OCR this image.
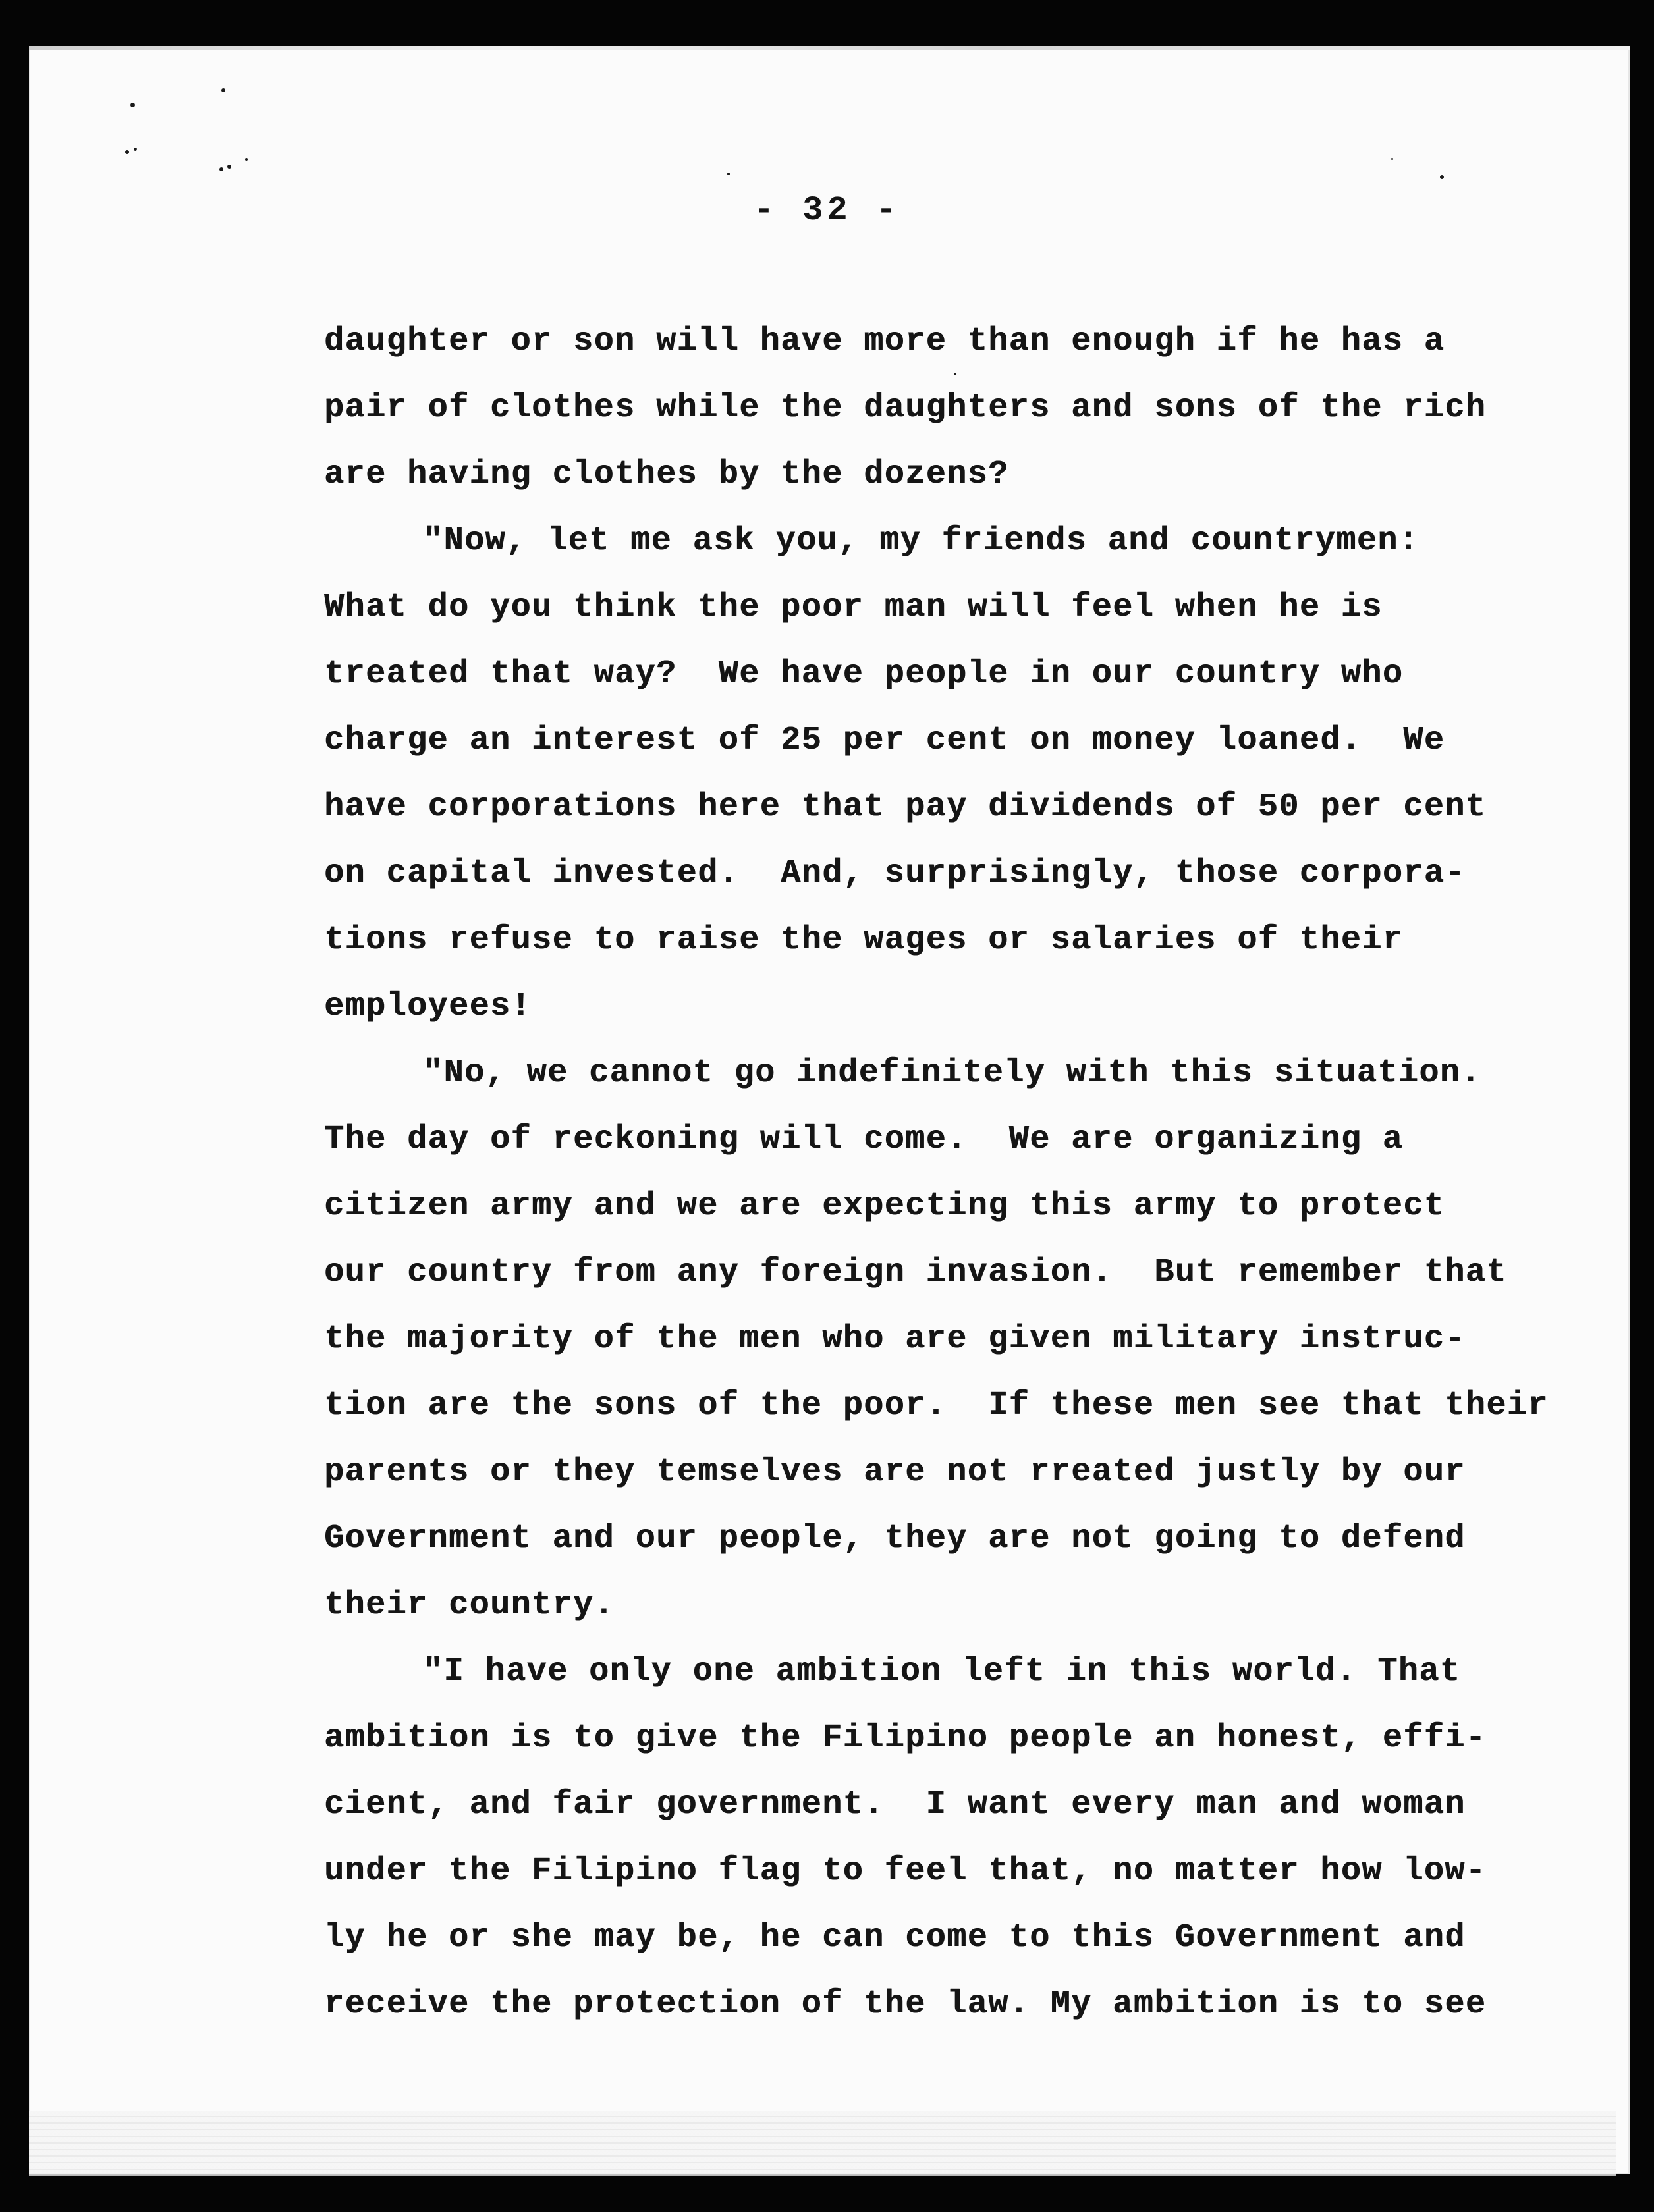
- 32 -
daughter or son will have more than enough if he has a
pair of clothes while the daughters and sons of the rich
are having clothes by the dozens?
"Now, let me ask you, my friends and countrymen:
What do you think the poor man will feel when he is
treated that way?  We have people in our country who
charge an interest of 25 per cent on money loaned.  We
have corporations here that pay dividends of 50 per cent
on capital invested.  And, surprisingly, those corpora-
tions refuse to raise the wages or salaries of their
employees!
"No, we cannot go indefinitely with this situation.
The day of reckoning will come.  We are organizing a
citizen army and we are expecting this army to protect
our country from any foreign invasion.  But remember that
the majority of the men who are given military instruc-
tion are the sons of the poor.  If these men see that their
parents or they temselves are not rreated justly by our
Government and our people, they are not going to defend
their country.
"I have only one ambition left in this world. That
ambition is to give the Filipino people an honest, effi-
cient, and fair government.  I want every man and woman
under the Filipino flag to feel that, no matter how low-
ly he or she may be, he can come to this Government and
receive the protection of the law. My ambition is to see
